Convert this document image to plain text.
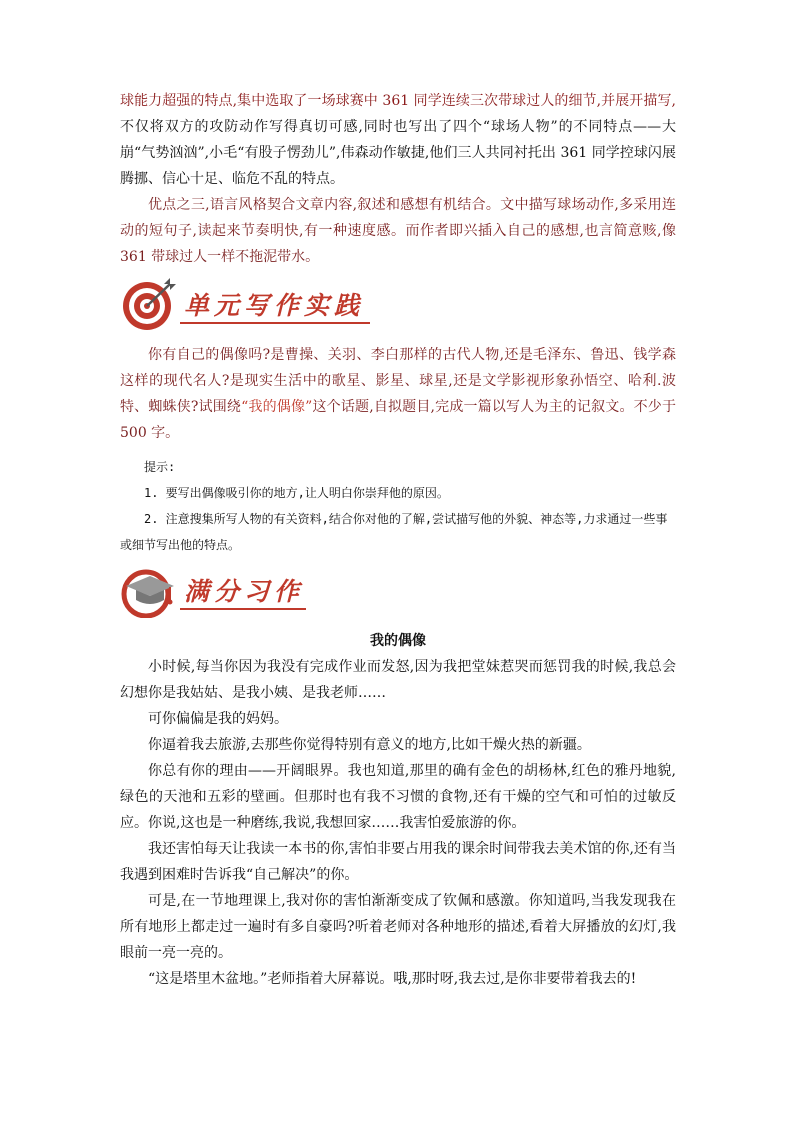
球能力超强的特点,集中选取了一场球赛中 361 同学连续三次带球过人的细节,并展开描写,不仅将双方的攻防动作写得真切可感,同时也写出了四个“球场人物”的不同特点——大崩“气势汹汹”,小毛“有股子愣劲儿”,伟森动作敏捷,他们三人共同衬托出 361 同学控球闪展腾挪、信心十足、临危不乱的特点。

优点之三,语言风格契合文章内容,叙述和感想有机结合。文中描写球场动作,多采用连动的短句子,读起来节奏明快,有一种速度感。而作者即兴插入自己的感想,也言简意赅,像 361 带球过人一样不拖泥带水。

单元写作实践

你有自己的偶像吗?是曹操、关羽、李白那样的古代人物,还是毛泽东、鲁迅、钱学森这样的现代名人?是现实生活中的歌星、影星、球星,还是文学影视形象孙悟空、哈利.波特、蜘蛛侠?试围绕“我的偶像”这个话题,自拟题目,完成一篇以写人为主的记叙文。不少于 500 字。

提示:

1. 要写出偶像吸引你的地方,让人明白你崇拜他的原因。

2. 注意搜集所写人物的有关资料,结合你对他的了解,尝试描写他的外貌、神态等,力求通过一些事或细节写出他的特点。

满分习作

我的偶像

小时候,每当你因为我没有完成作业而发怒,因为我把堂妹惹哭而惩罚我的时候,我总会幻想你是我姑姑、是我小姨、是我老师……

可你偏偏是我的妈妈。

你逼着我去旅游,去那些你觉得特别有意义的地方,比如干燥火热的新疆。

你总有你的理由——开阔眼界。我也知道,那里的确有金色的胡杨林,红色的雅丹地貌,绿色的天池和五彩的壁画。但那时也有我不习惯的食物,还有干燥的空气和可怕的过敏反应。你说,这也是一种磨练,我说,我想回家……我害怕爱旅游的你。

我还害怕每天让我读一本书的你,害怕非要占用我的课余时间带我去美术馆的你,还有当我遇到困难时告诉我“自己解决”的你。

可是,在一节地理课上,我对你的害怕渐渐变成了钦佩和感激。你知道吗,当我发现我在所有地形上都走过一遍时有多自豪吗?听着老师对各种地形的描述,看着大屏播放的幻灯,我眼前一亮一亮的。

“这是塔里木盆地。”老师指着大屏幕说。哦,那时呀,我去过,是你非要带着我去的!
